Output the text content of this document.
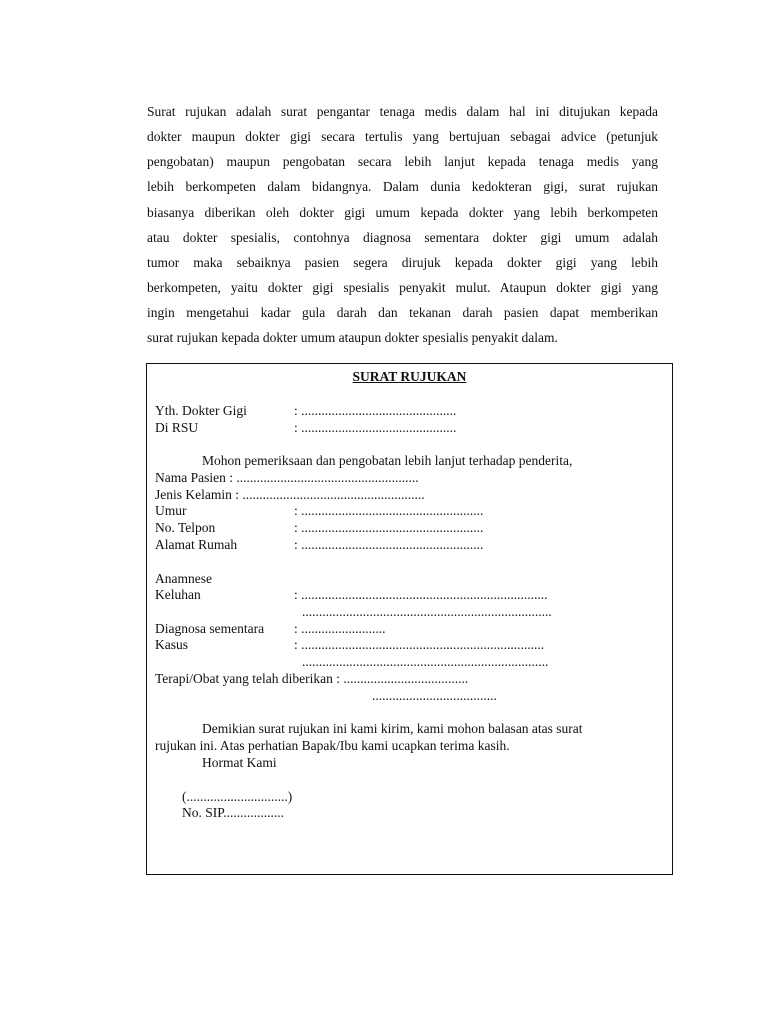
Surat rujukan adalah surat pengantar tenaga medis dalam hal ini ditujukan kepada
dokter maupun dokter gigi secara tertulis yang bertujuan sebagai advice (petunjuk
pengobatan) maupun pengobatan secara lebih lanjut kepada tenaga medis yang
lebih berkompeten dalam bidangnya. Dalam dunia kedokteran gigi, surat rujukan
biasanya diberikan oleh dokter gigi umum kepada dokter yang lebih berkompeten
atau dokter spesialis, contohnya diagnosa sementara dokter gigi umum adalah
tumor maka sebaiknya pasien segera dirujuk kepada dokter gigi yang lebih
berkompeten, yaitu dokter gigi spesialis penyakit mulut. Ataupun dokter gigi yang
ingin mengetahui kadar gula darah dan tekanan darah pasien dapat memberikan
surat rujukan kepada dokter umum ataupun dokter spesialis penyakit dalam.
SURAT RUJUKAN
Yth. Dokter Gigi	: ..............................................
Di RSU	: ..............................................
Mohon pemeriksaan dan pengobatan lebih lanjut terhadap penderita,
Nama Pasien : ......................................................
Jenis Kelamin : ......................................................
Umur	: ......................................................
No. Telpon	: ......................................................
Alamat Rumah	: ......................................................
Anamnese
Keluhan	: .........................................................................
..........................................................................
Diagnosa sementara : .........................
Kasus	: ........................................................................
.........................................................................
Terapi/Obat yang telah diberikan : .....................................
.....................................
Demikian surat rujukan ini kami kirim, kami mohon balasan atas surat
rujukan ini. Atas perhatian Bapak/Ibu kami ucapkan terima kasih.
Hormat Kami
(..............................)
No. SIP..................
